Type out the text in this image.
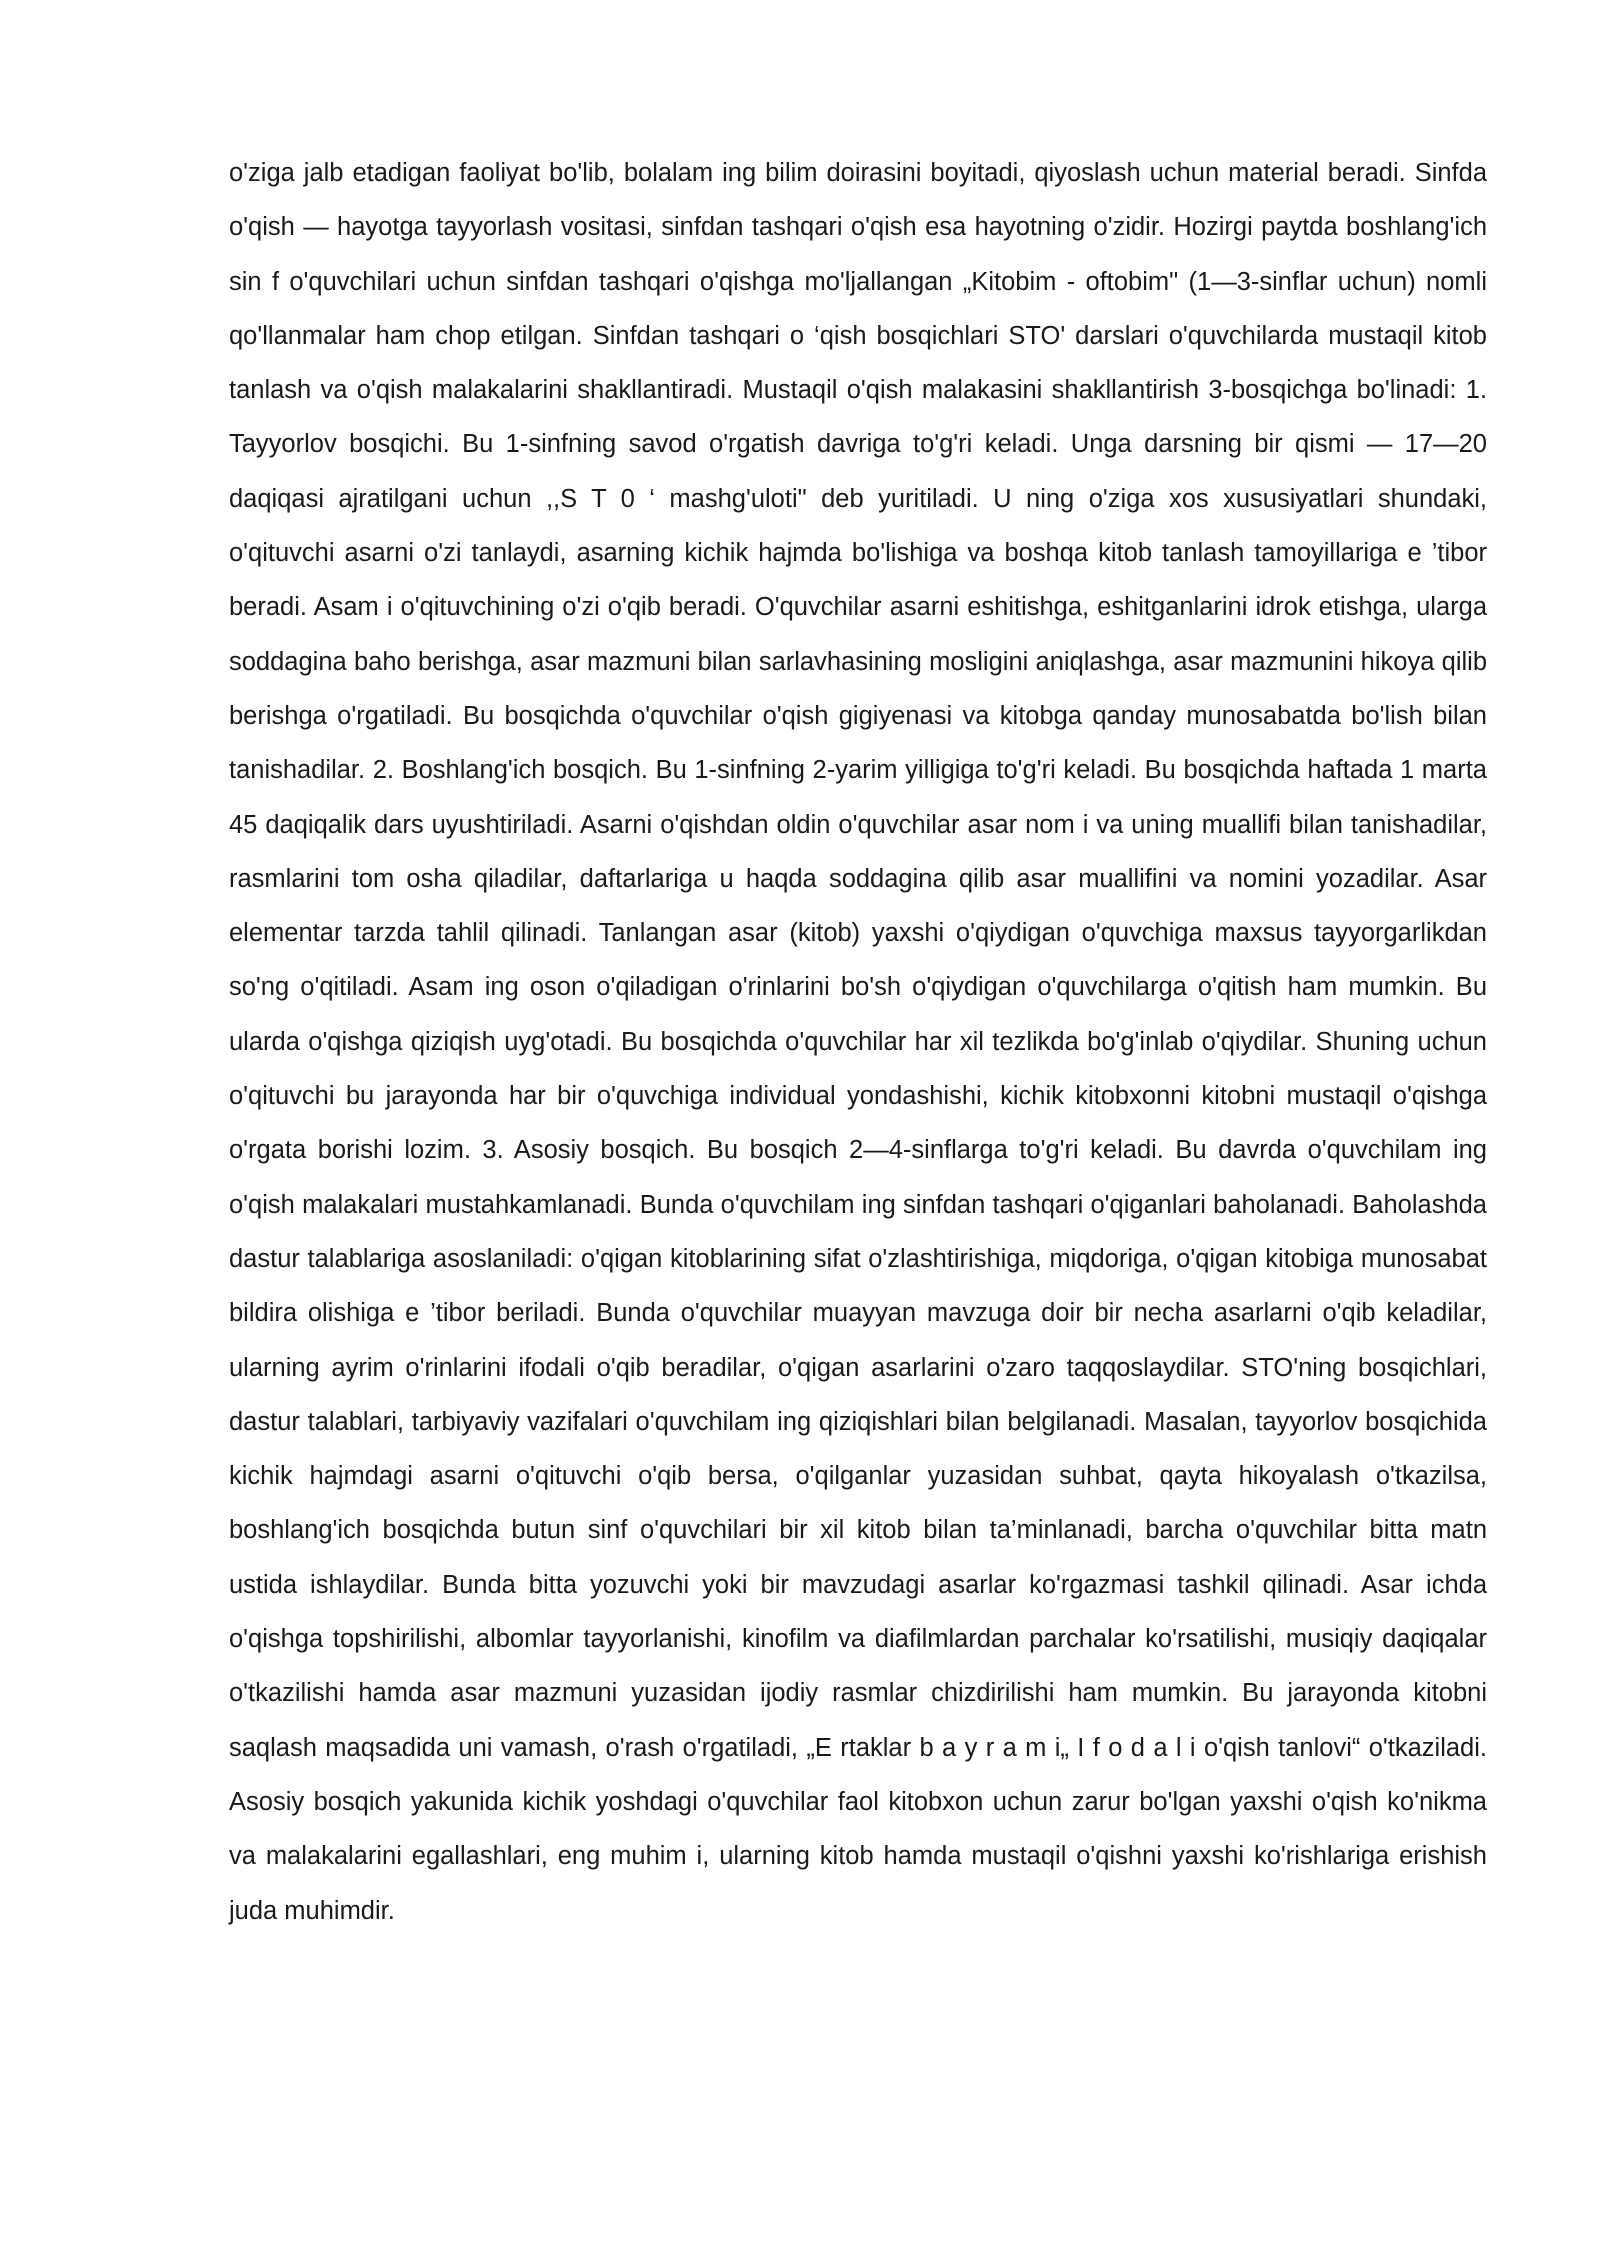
o'ziga jalb etadigan faoliyat bo'lib, bolalam ing bilim doirasini boyitadi, qiyoslash uchun material beradi. Sinfda o'qish — hayotga tayyorlash vositasi, sinfdan tashqari o'qish esa hayotning o'zidir. Hozirgi paytda boshlang'ich sin f o'quvchilari uchun sinfdan tashqari o'qishga mo'ljallangan „Kitobim - oftobim" (1—3-sinflar uchun) nomli qo'llanmalar ham chop etilgan. Sinfdan tashqari o ‘qish bosqichlari STO' darslari o'quvchilarda mustaqil kitob tanlash va o'qish malakalarini shakllantiradi. Mustaqil o'qish malakasini shakllantirish 3-bosqichga bo'linadi: 1. Tayyorlov bosqichi. Bu 1-sinfning savod o'rgatish davriga to'g'ri keladi. Unga darsning bir qismi — 17—20 daqiqasi ajratilgani uchun ,,S T 0 ‘ mashg'uloti" deb yuritiladi. U ning o'ziga xos xususiyatlari shundaki, o'qituvchi asarni o'zi tanlaydi, asarning kichik hajmda bo'lishiga va boshqa kitob tanlash tamoyillariga e ’tibor beradi. Asam i o'qituvchining o'zi o'qib beradi. O'quvchilar asarni eshitishga, eshitganlarini idrok etishga, ularga soddagina baho berishga, asar mazmuni bilan sarlavhasining mosligini aniqlashga, asar mazmunini hikoya qilib berishga o'rgatiladi. Bu bosqichda o'quvchilar o'qish gigiyenasi va kitobga qanday munosabatda bo'lish bilan tanishadilar. 2. Boshlang'ich bosqich. Bu 1-sinfning 2-yarim yilligiga to'g'ri keladi. Bu bosqichda haftada 1 marta 45 daqiqalik dars uyushtiriladi. Asarni o'qishdan oldin o'quvchilar asar nom i va uning muallifi bilan tanishadilar, rasmlarini tom osha qiladilar, daftarlariga u haqda soddagina qilib asar muallifini va nomini yozadilar. Asar elementar tarzda tahlil qilinadi. Tanlangan asar (kitob) yaxshi o'qiydigan o'quvchiga maxsus tayyorgarlikdan so'ng o'qitiladi. Asam ing oson o'qiladigan o'rinlarini bo'sh o'qiydigan o'quvchilarga o'qitish ham mumkin. Bu ularda o'qishga qiziqish uyg'otadi. Bu bosqichda o'quvchilar har xil tezlikda bo'g'inlab o'qiydilar. Shuning uchun o'qituvchi bu jarayonda har bir o'quvchiga individual yondashishi, kichik kitobxonni kitobni mustaqil o'qishga o'rgata borishi lozim. 3. Asosiy bosqich. Bu bosqich 2—4-sinflarga to'g'ri keladi. Bu davrda o'quvchilam ing o'qish malakalari mustahkamlanadi. Bunda o'quvchilam ing sinfdan tashqari o'qiganlari baholanadi. Baholashda dastur talablariga asoslaniladi: o'qigan kitoblarining sifat o'zlashtirishiga, miqdoriga, o'qigan kitobiga munosabat bildira olishiga e ’tibor beriladi. Bunda o'quvchilar muayyan mavzuga doir bir necha asarlarni o'qib keladilar, ularning ayrim o'rinlarini ifodali o'qib beradilar, o'qigan asarlarini o'zaro taqqoslaydilar. STO'ning bosqichlari, dastur talablari, tarbiyaviy vazifalari o'quvchilam ing qiziqishlari bilan belgilanadi. Masalan, tayyorlov bosqichida kichik hajmdagi asarni o'qituvchi o'qib bersa, o'qilganlar yuzasidan suhbat, qayta hikoyalash o'tkazilsa, boshlang'ich bosqichda butun sinf o'quvchilari bir xil kitob bilan ta’minlanadi, barcha o'quvchilar bitta matn ustida ishlaydilar. Bunda bitta yozuvchi yoki bir mavzudagi asarlar ko'rgazmasi tashkil qilinadi. Asar ichda o'qishga topshirilishi, albomlar tayyorlanishi, kinofilm va diafilmlardan parchalar ko'rsatilishi, musiqiy daqiqalar o'tkazilishi hamda asar mazmuni yuzasidan ijodiy rasmlar chizdirilishi ham mumkin. Bu jarayonda kitobni saqlash maqsadida uni vamash, o'rash o'rgatiladi, „E rtaklar b a y r a m i„ I f o d a l i o'qish tanlovi“ o'tkaziladi. Asosiy bosqich yakunida kichik yoshdagi o'quvchilar faol kitobxon uchun zarur bo'lgan yaxshi o'qish ko'nikma va malakalarini egallashlari, eng muhim i, ularning kitob hamda mustaqil o'qishni yaxshi ko'rishlariga erishish juda muhimdir.
